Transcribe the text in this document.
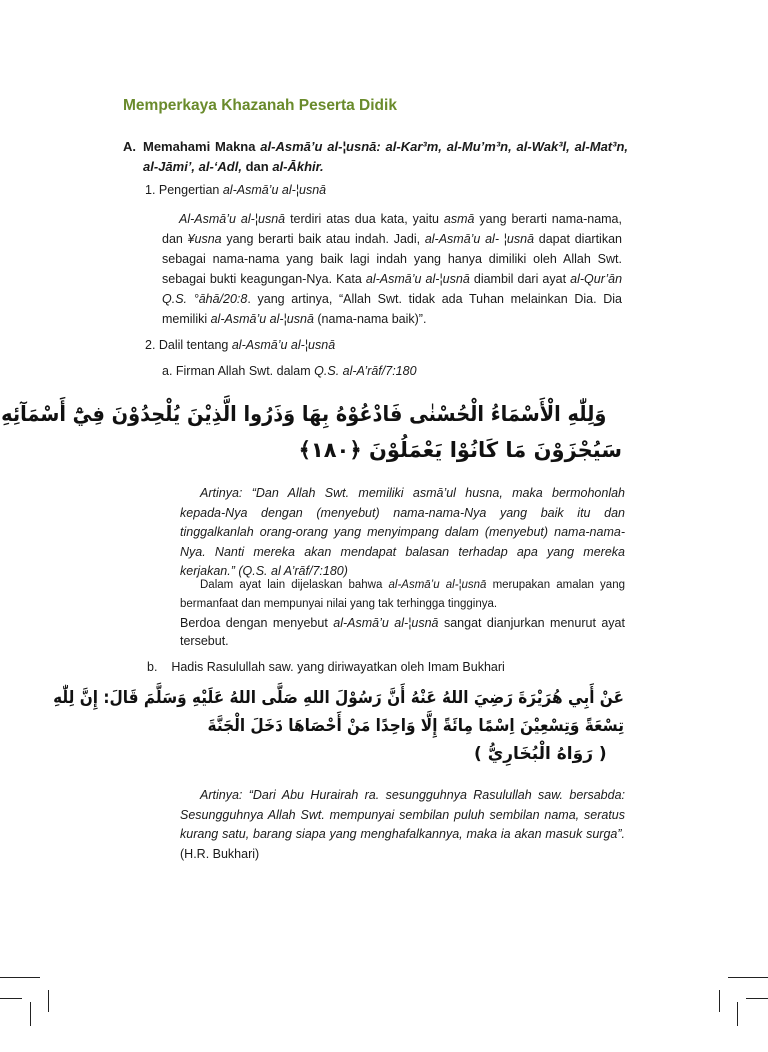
Memperkaya Khazanah Peserta Didik
A. Memahami Makna al-Asmā’u al-¦usnā: al-Kar³m, al-Mu’m³n, al-Wak³l, al-Mat³n, al-Jāmi’, al-‘Adl, dan al-Ākhir.
1. Pengertian al-Asmā’u al-¦usnā
Al-Asmā’u al-¦usnā terdiri atas dua kata, yaitu asmā yang berarti nama-nama, dan ¥usna yang berarti baik atau indah. Jadi, al-Asmā’u al- ¦usnā dapat diartikan sebagai nama-nama yang baik lagi indah yang hanya dimiliki oleh Allah Swt. sebagai bukti keagungan-Nya. Kata al-Asmā’u al-¦usnā diambil dari ayat al-Qur’ān Q.S. °āhā/20:8. yang artinya, “Allah Swt. tidak ada Tuhan melainkan Dia. Dia memiliki al-Asmā’u al-¦usnā (nama-nama baik)”.
2. Dalil tentang al-Asmā’u al-¦usnā
a. Firman Allah Swt. dalam Q.S. al-A’rāf/7:180
وَلِلّٰهِ الْأَسْمَاءُ الْحُسْنٰى فَادْعُوْهُ بِهَا وَذَرُوا الَّذِيْنَ يُلْحِدُوْنَ فِيْٓ أَسْمَآئِهِ
سَيُجْزَوْنَ مَا كَانُوْا يَعْمَلُوْنَ ﴿١٨٠﴾
Artinya: “Dan Allah Swt. memiliki asmā’ul husna, maka bermohonlah kepada-Nya dengan (menyebut) nama-nama-Nya yang baik itu dan tinggalkanlah orang-orang yang menyimpang dalam (menyebut) nama-nama-Nya. Nanti mereka akan mendapat balasan terhadap apa yang mereka kerjakan.” (Q.S. al A’rāf/7:180)
Dalam ayat lain dijelaskan bahwa al-Asmā’u al-¦usnā merupakan amalan yang bermanfaat dan mempunyai nilai yang tak terhingga tingginya.
Berdoa dengan menyebut al-Asmā’u al-¦usnā sangat dianjurkan menurut ayat tersebut.
b.    Hadis Rasulullah saw. yang diriwayatkan oleh Imam Bukhari
عَنْ أَبِي هُرَيْرَةَ رَضِيَ اللهُ عَنْهُ أَنَّ رَسُوْلَ اللهِ صَلَّى اللهُ عَلَيْهِ وَسَلَّمَ قَالَ: إِنَّ لِلّٰهِ
تِسْعَةً وَتِسْعِيْنَ اِسْمًا مِائَةً إِلَّا وَاحِدًا مَنْ أَحْصَاهَا دَخَلَ الْجَنَّةَ
( رَوَاهُ الْبُخَارِيُّ )
Artinya: “Dari Abu Hurairah ra. sesungguhnya Rasulullah saw. bersabda: Sesungguhnya Allah Swt. mempunyai sembilan puluh sembilan nama, seratus kurang satu, barang siapa yang menghafalkannya, maka ia akan masuk surga”. (H.R. Bukhari)
